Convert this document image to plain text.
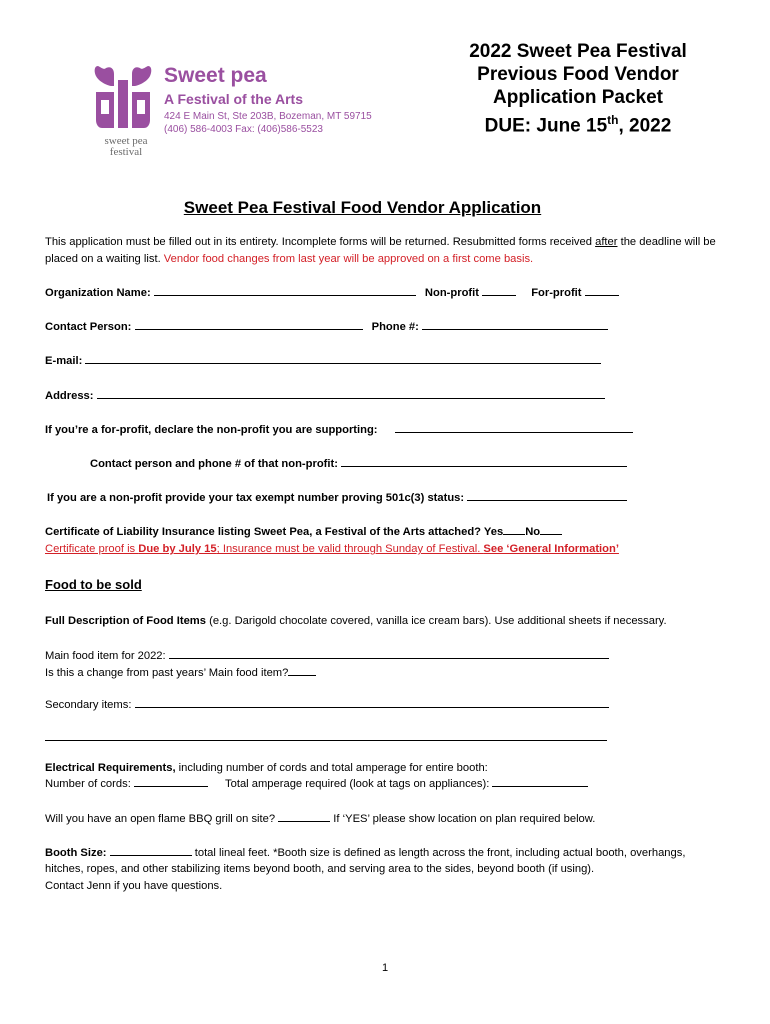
sweet pea festival
Sweet pea
A Festival of the Arts
424 E Main St, Ste 203B, Bozeman, MT 59715
(406) 586-4003 Fax: (406)586-5523
2022 Sweet Pea Festival
Previous Food Vendor
Application Packet
DUE: June 15th, 2022
Sweet Pea Festival Food Vendor Application
This application must be filled out in its entirety. Incomplete forms will be returned. Resubmitted forms received after the deadline will be
placed on a waiting list. Vendor food changes from last year will be approved on a first come basis.
Organization Name:	Non-profit	For-profit
Contact Person:	Phone #:
E-mail:
Address:
If you’re a for-profit, declare the non-profit you are supporting:
Contact person and phone # of that non-profit:
If you are a non-profit provide your tax exempt number proving 501c(3) status:
Certificate of Liability Insurance listing Sweet Pea, a Festival of the Arts attached? Yes No
Certificate proof is Due by July 15; Insurance must be valid through Sunday of Festival. See ‘General Information’
Food to be sold
Full Description of Food Items (e.g. Darigold chocolate covered, vanilla ice cream bars). Use additional sheets if necessary.
Main food item for 2022:
Is this a change from past years’ Main food item?
Secondary items:
Electrical Requirements, including number of cords and total amperage for entire booth:
Number of cords:	Total amperage required (look at tags on appliances):
Will you have an open flame BBQ grill on site?	If ‘YES’ please show location on plan required below.
Booth Size:	total lineal feet. *Booth size is defined as length across the front, including actual booth, overhangs,
hitches, ropes, and other stabilizing items beyond booth, and serving area to the sides, beyond booth (if using).
Contact Jenn if you have questions.
1
